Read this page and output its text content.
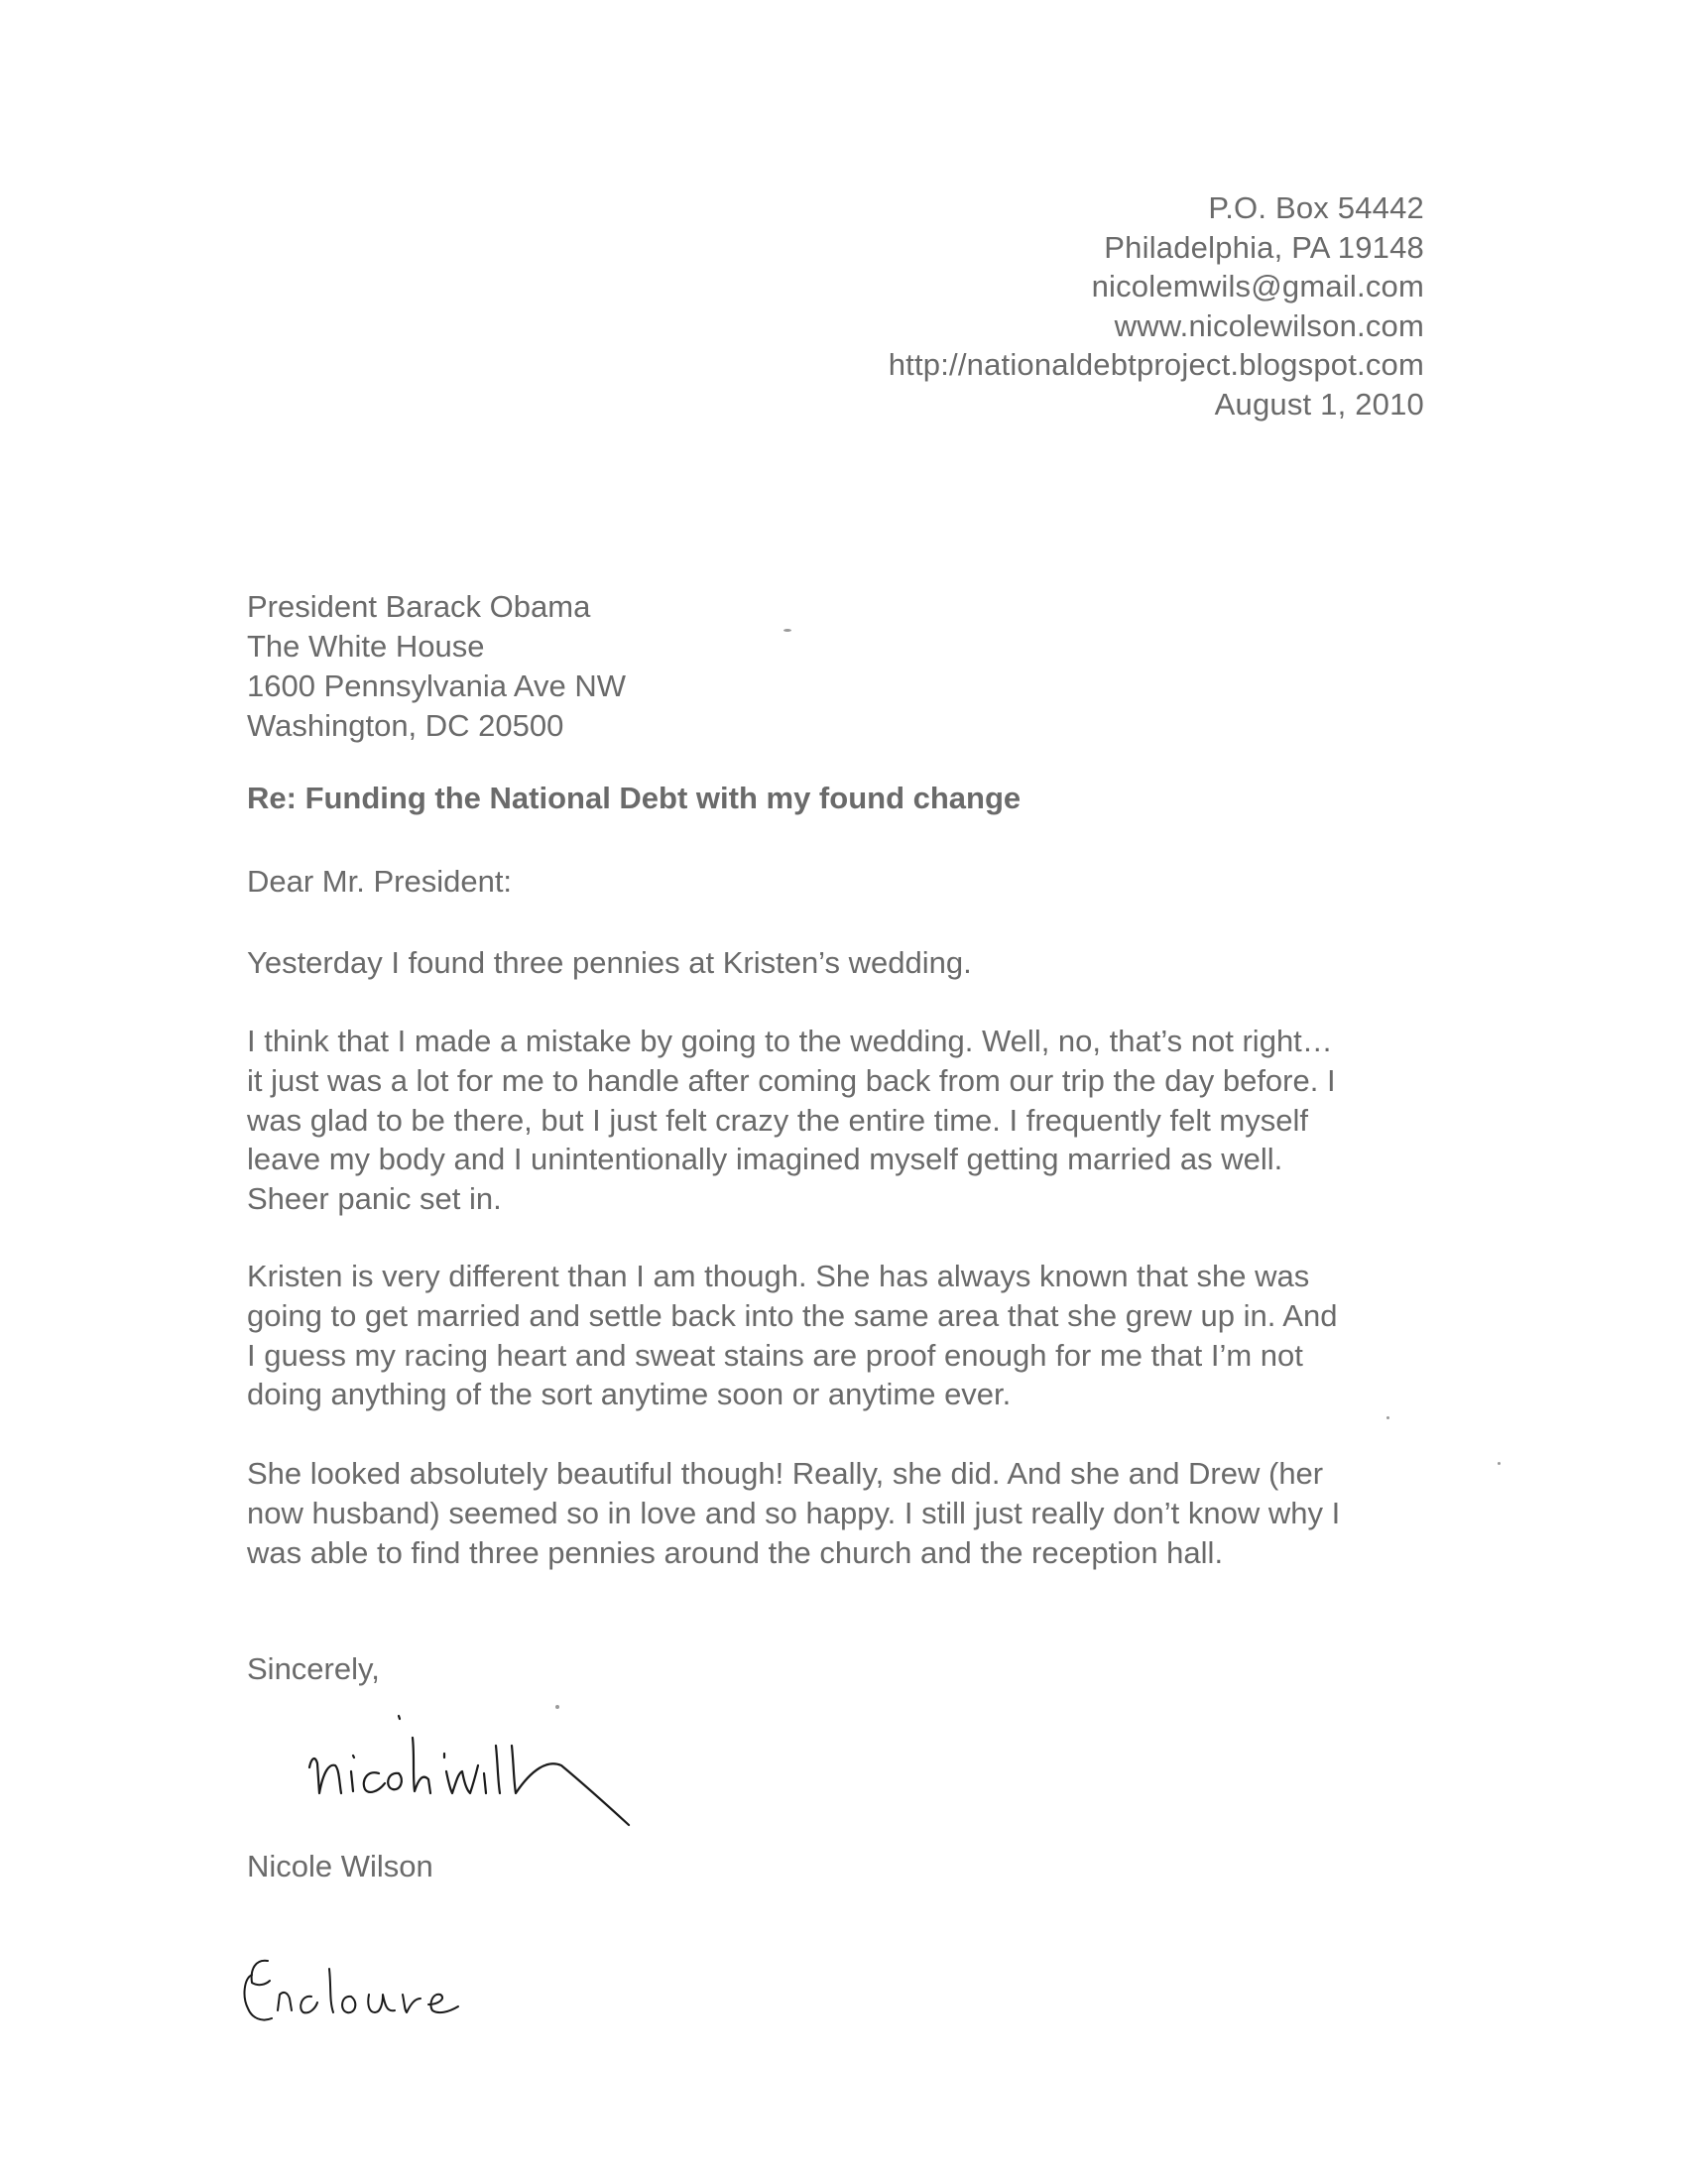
P.O. Box 54442
Philadelphia, PA 19148
nicolemwils@gmail.com
www.nicolewilson.com
http://nationaldebtproject.blogspot.com
August 1, 2010
President Barack Obama
The White House
1600 Pennsylvania Ave NW
Washington, DC 20500
Re: Funding the National Debt with my found change
Dear Mr. President:

Yesterday I found three pennies at Kristen’s wedding.

I think that I made a mistake by going to the wedding. Well, no, that’s not right…
it just was a lot for me to handle after coming back from our trip the day before. I
was glad to be there, but I just felt crazy the entire time. I frequently felt myself
leave my body and I unintentionally imagined myself getting married as well.
Sheer panic set in.

Kristen is very different than I am though. She has always known that she was
going to get married and settle back into the same area that she grew up in. And
I guess my racing heart and sweat stains are proof enough for me that I’m not
doing anything of the sort anytime soon or anytime ever.

She looked absolutely beautiful though! Really, she did. And she and Drew (her
now husband) seemed so in love and so happy. I still just really don’t know why I
was able to find three pennies around the church and the reception hall.

Sincerely,
Nicole Wilson
